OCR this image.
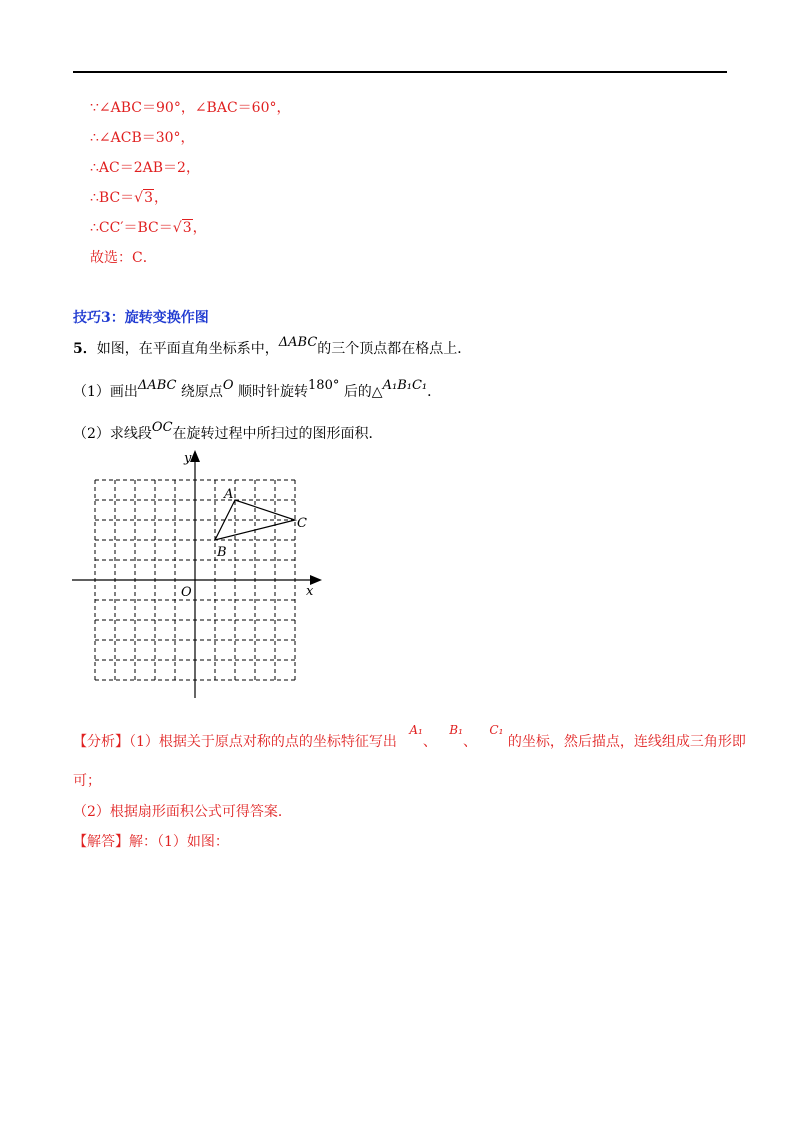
∵∠ABC＝90°，∠BAC＝60°，
∴∠ACB＝30°，
∴AC＝2AB＝2，
∴BC＝√3，
∴CC′＝BC＝√3，
故选：C．
技巧3：旋转变换作图
5．如图，在平面直角坐标系中，ΔABC的三个顶点都在格点上．
（1）画出ΔABC 绕原点O 顺时针旋转180° 后的△A₁B₁C₁．
（2）求线段OC在旋转过程中所扫过的图形面积．
y
x
O
A
B
C
【分析】（1）根据关于原点对称的点的坐标特征写出 A₁、 B₁、 C₁ 的坐标，然后描点，连线组成三角形即
可；
（2）根据扇形面积公式可得答案．
【解答】解：（1）如图：
